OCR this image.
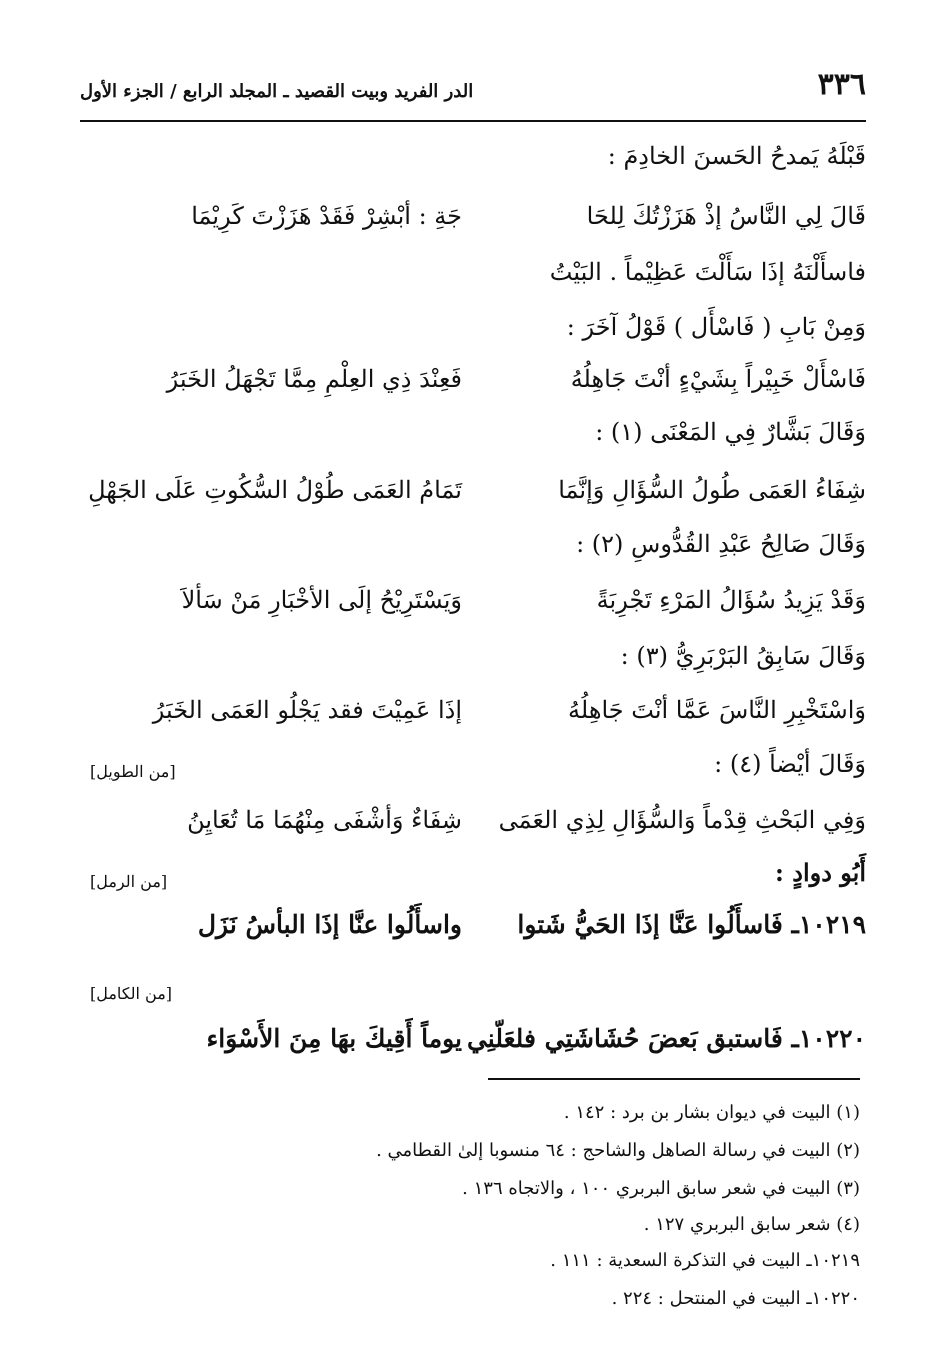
٣٣٦
الدر الفريد وبيت القصيد ـ المجلد الرابع / الجزء الأول
قَبْلَهُ يَمدحُ الحَسنَ الخادِمَ :
قَالَ لِي النَّاسُ إذْ هَزَزْتُكَ لِلحَا
جَةِ : أبْشِرْ فَقَدْ هَزَزْتَ كَرِيْمَا
فاسأَلْنَهُ إذَا سَأَلْتَ عَظِيْماً . البَيْتُ
وَمِنْ بَابِ ( فَاسْأَل ) قَوْلُ آخَرَ :
فَاسْأَلْ خَبِيْراً بِشَيْءٍ أنْتَ جَاهِلُهُ
فَعِنْدَ ذِي العِلْمِ مِمَّا تَجْهَلُ الخَبَرُ
وَقَالَ بَشَّارٌ فِي المَعْنَى (١) :
شِفَاءُ العَمَى طُولُ السُّؤَالِ وَإنَّمَا
تَمَامُ العَمَى طُوْلُ السُّكُوتِ عَلَى الجَهْلِ
وَقَالَ صَالِحُ عَبْدِ القُدُّوسِ (٢) :
وَقَدْ يَزِيدُ سُؤَالُ المَرْءِ تَجْرِبَةً
وَيَسْتَرِيْحُ إلَى الأخْبَارِ مَنْ سَألاَ
وَقَالَ سَابِقُ البَرْبَرِيُّ (٣) :
وَاسْتَخْبِرِ النَّاسَ عَمَّا أنْتَ جَاهِلُهُ
إذَا عَمِيْتَ فقد يَجْلُو العَمَى الخَبَرُ
وَقَالَ أيْضاً (٤) :
[من الطويل]
وَفِي البَحْثِ قِدْماً وَالسُّؤَالِ لِذِي العَمَى
شِفَاءٌ وَأشْفَى مِنْهُمَا مَا تُعَايِنُ
أَبُو دوادٍ :
[من الرمل]
١٠٢١٩ـ فَاسأَلُوا عَنَّا إذَا الحَيُّ شَتوا
واسأَلُوا عنَّا إذَا البأسُ نَزَل
[من الكامل]
١٠٢٢٠ـ فَاستبق بَعضَ حُشَاشَتِي فلعَلّنِي
يوماً أَقِيكَ بهَا مِنَ الأَسْوَاء
(١) البيت في ديوان بشار بن برد : ١٤٢ .
(٢) البيت في رسالة الصاهل والشاحج : ٦٤ منسوبا إلىٰ القطامي .
(٣) البيت في شعر سابق البربري ١٠٠ ، والاتجاه ١٣٦ .
(٤) شعر سابق البربري ١٢٧ .
١٠٢١٩ـ البيت في التذكرة السعدية : ١١١ .
١٠٢٢٠ـ البيت في المنتحل : ٢٢٤ .
